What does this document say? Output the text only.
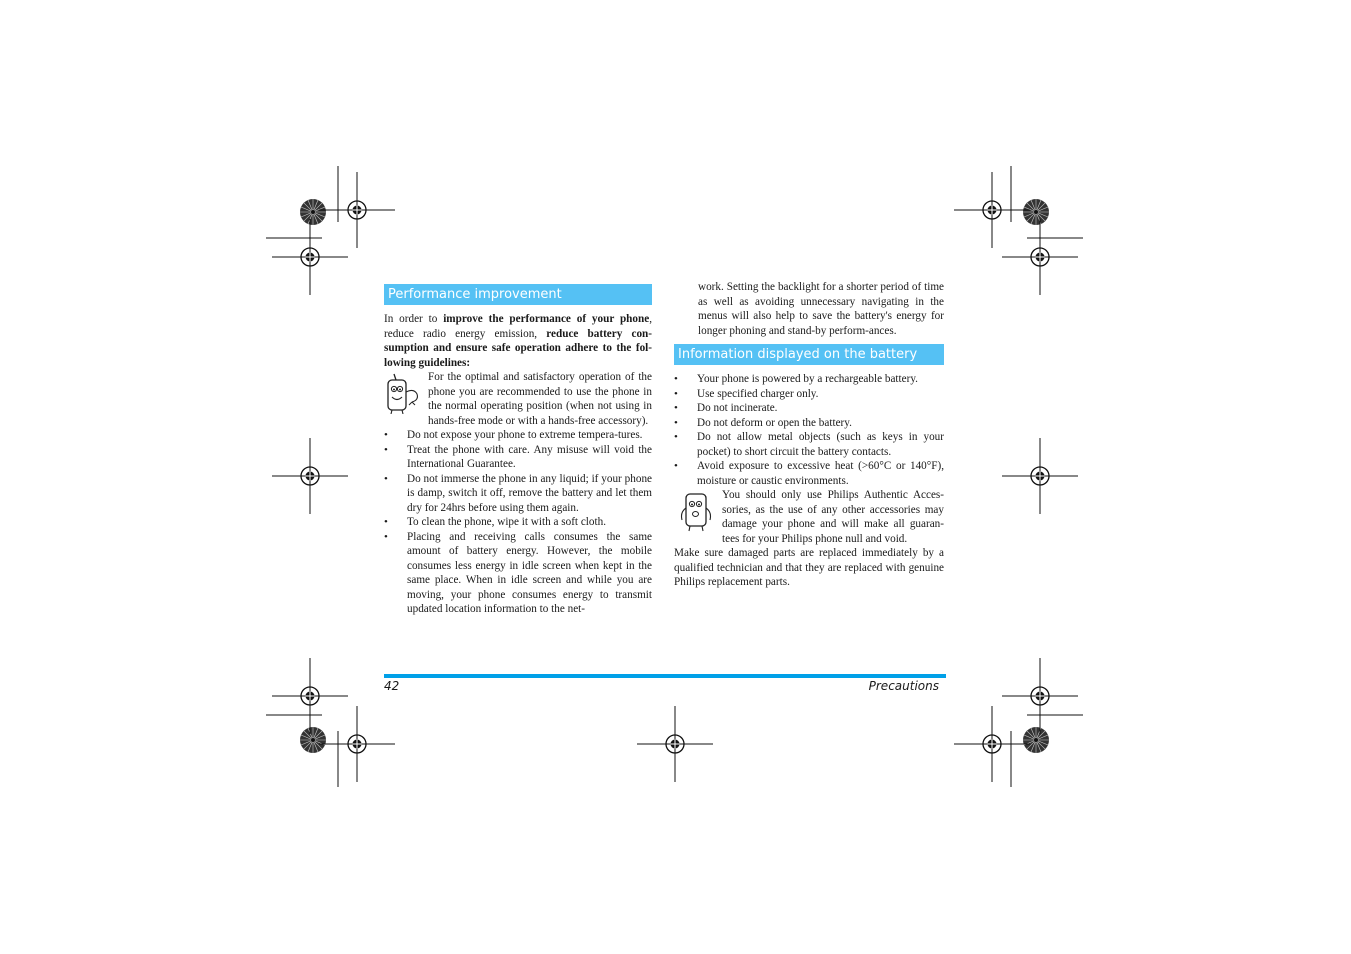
Performance improvement

In order to improve the performance of your phone, reduce radio energy emission, reduce battery con-sumption and ensure safe operation adhere to the fol-lowing guidelines:

For the optimal and satisfactory operation of the phone you are recommended to use the phone in the normal operating position (when not using in hands-free mode or with a hands-free accessory).

• Do not expose your phone to extreme tempera-tures.
• Treat the phone with care. Any misuse will void the International Guarantee.
• Do not immerse the phone in any liquid; if your phone is damp, switch it off, remove the battery and let them dry for 24hrs before using them again.
• To clean the phone, wipe it with a soft cloth.
• Placing and receiving calls consumes the same amount of battery energy. However, the mobile consumes less energy in idle screen when kept in the same place. When in idle screen and while you are moving, your phone consumes energy to transmit updated location information to the net-

work. Setting the backlight for a shorter period of time as well as avoiding unnecessary navigating in the menus will also help to save the battery's energy for longer phoning and stand-by perform-ances.

Information displayed on the battery
• Your phone is powered by a rechargeable battery.
• Use specified charger only.
• Do not incinerate.
• Do not deform or open the battery.
• Do not allow metal objects (such as keys in your pocket) to short circuit the battery contacts.
• Avoid exposure to excessive heat (>60°C or 140°F), moisture or caustic environments.

You should only use Philips Authentic Acces-sories, as the use of any other accessories may damage your phone and will make all guaran-tees for your Philips phone null and void.

Make sure damaged parts are replaced immediately by a qualified technician and that they are replaced with genuine Philips replacement parts.

42	Precautions
